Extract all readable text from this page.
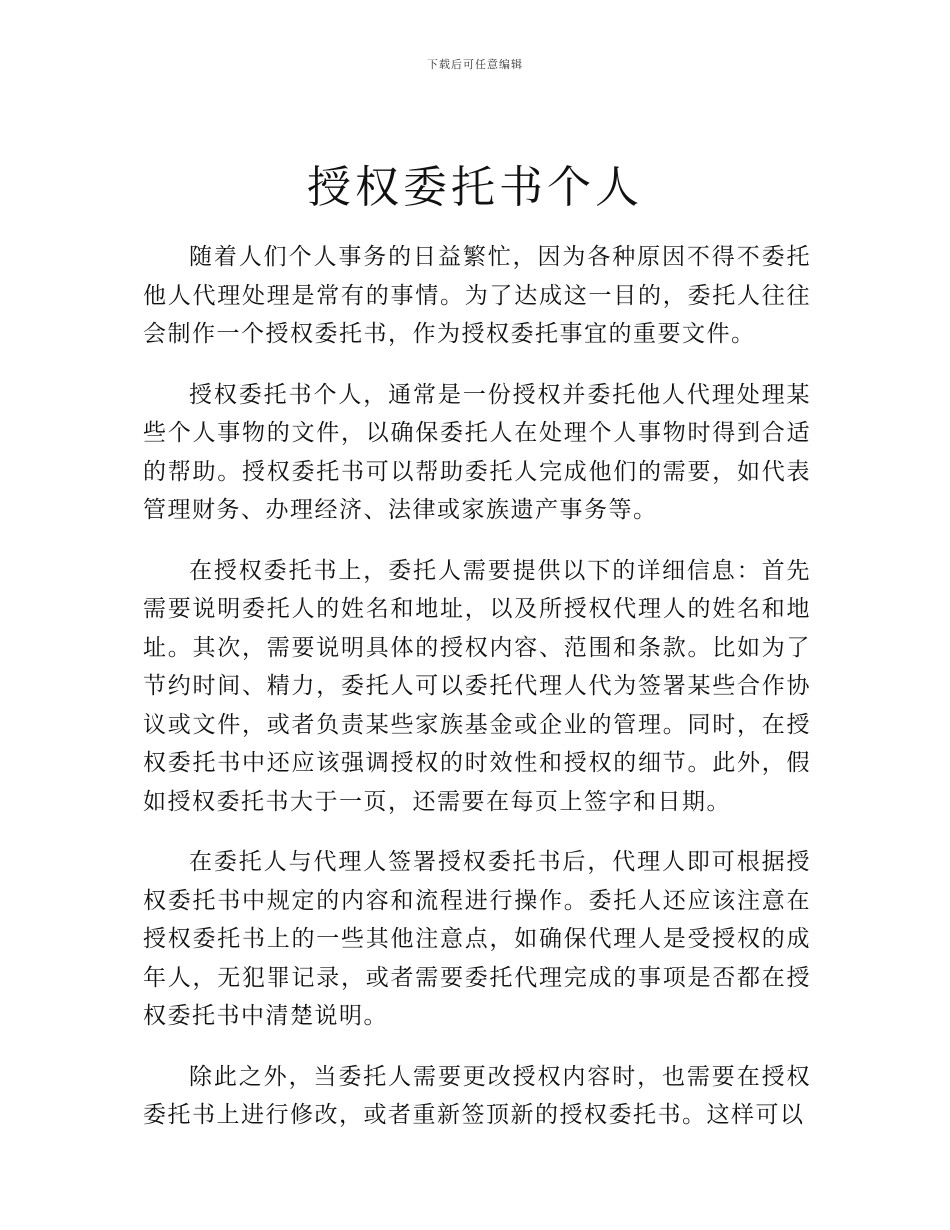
下载后可任意编辑
授权委托书个人

随着人们个人事务的日益繁忙，因为各种原因不得不委托他人代理处理是常有的事情。为了达成这一目的，委托人往往会制作一个授权委托书，作为授权委托事宜的重要文件。

授权委托书个人，通常是一份授权并委托他人代理处理某些个人事物的文件，以确保委托人在处理个人事物时得到合适的帮助。授权委托书可以帮助委托人完成他们的需要，如代表管理财务、办理经济、法律或家族遗产事务等。

在授权委托书上，委托人需要提供以下的详细信息：首先需要说明委托人的姓名和地址，以及所授权代理人的姓名和地址。其次，需要说明具体的授权内容、范围和条款。比如为了节约时间、精力，委托人可以委托代理人代为签署某些合作协议或文件，或者负责某些家族基金或企业的管理。同时，在授权委托书中还应该强调授权的时效性和授权的细节。此外，假如授权委托书大于一页，还需要在每页上签字和日期。

在委托人与代理人签署授权委托书后，代理人即可根据授权委托书中规定的内容和流程进行操作。委托人还应该注意在授权委托书上的一些其他注意点，如确保代理人是受授权的成年人，无犯罪记录，或者需要委托代理完成的事项是否都在授权委托书中清楚说明。

除此之外，当委托人需要更改授权内容时，也需要在授权委托书上进行修改，或者重新签顶新的授权委托书。这样可以
